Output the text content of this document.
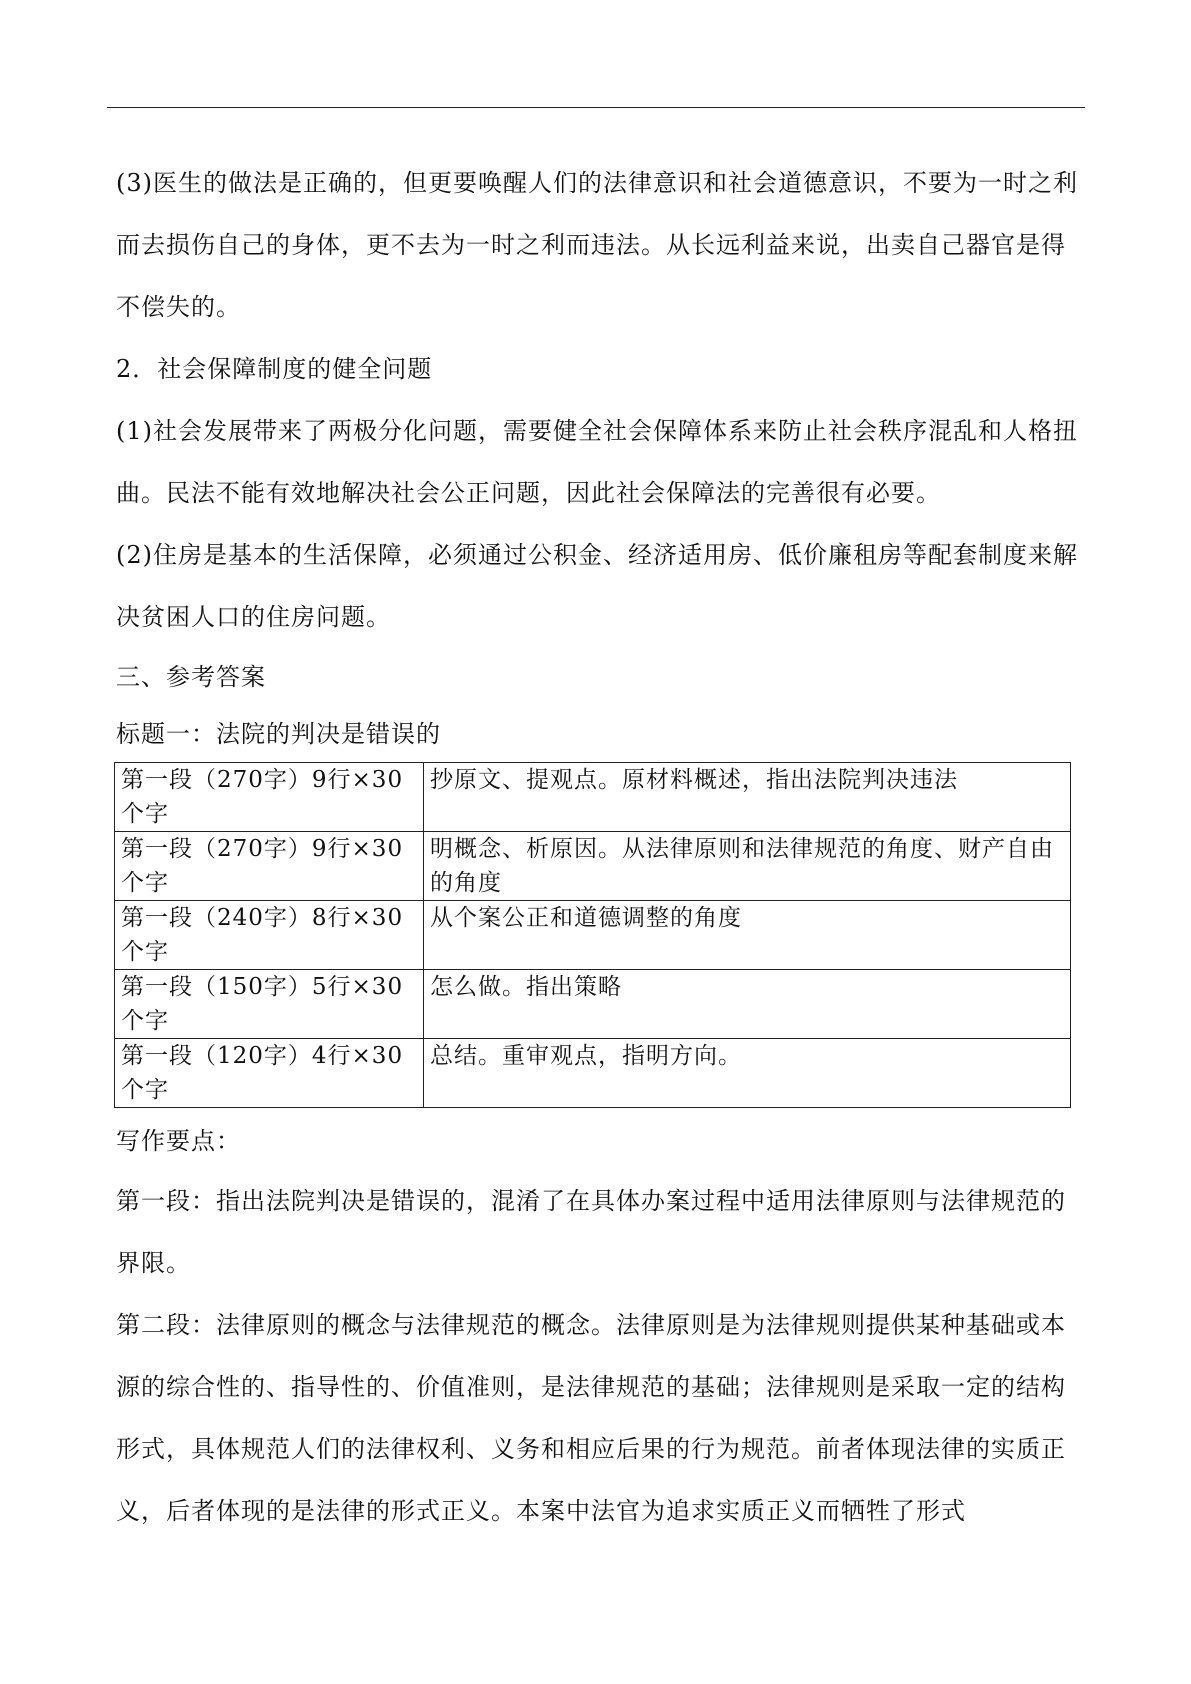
(3)医生的做法是正确的，但更要唤醒人们的法律意识和社会道德意识，不要为一时之利而去损伤自己的身体，更不去为一时之利而违法。从长远利益来说，出卖自己器官是得不偿失的。

2．社会保障制度的健全问题

(1)社会发展带来了两极分化问题，需要健全社会保障体系来防止社会秩序混乱和人格扭曲。民法不能有效地解决社会公正问题，因此社会保障法的完善很有必要。

(2)住房是基本的生活保障，必须通过公积金、经济适用房、低价廉租房等配套制度来解决贫困人口的住房问题。

三、参考答案

标题一：法院的判决是错误的

第一段（270字）9行×30个字	抄原文、提观点。原材料概述，指出法院判决违法
第一段（270字）9行×30个字	明概念、析原因。从法律原则和法律规范的角度、财产自由的角度
第一段（240字）8行×30个字	从个案公正和道德调整的角度
第一段（150字）5行×30个字	怎么做。指出策略
第一段（120字）4行×30个字	总结。重审观点，指明方向。

写作要点：

第一段：指出法院判决是错误的，混淆了在具体办案过程中适用法律原则与法律规范的界限。

第二段：法律原则的概念与法律规范的概念。法律原则是为法律规则提供某种基础或本源的综合性的、指导性的、价值准则，是法律规范的基础；法律规则是采取一定的结构形式，具体规范人们的法律权利、义务和相应后果的行为规范。前者体现法律的实质正义，后者体现的是法律的形式正义。本案中法官为追求实质正义而牺牲了形式
